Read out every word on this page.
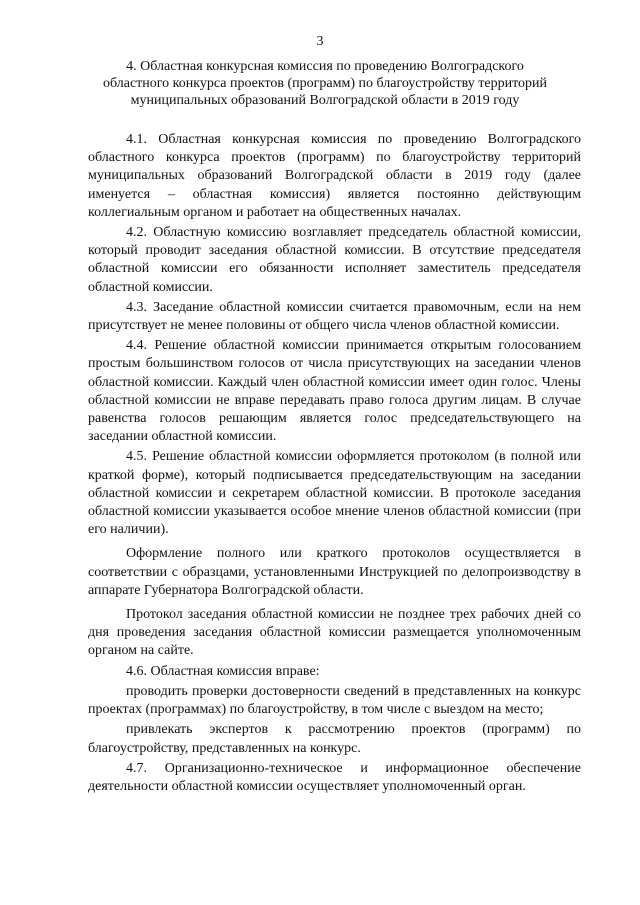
3
4. Областная конкурсная комиссия по проведению Волгоградского областного конкурса проектов (программ) по благоустройству территорий муниципальных образований Волгоградской области в 2019 году

4.1. Областная конкурсная комиссия по проведению Волгоградского областного конкурса проектов (программ) по благоустройству территорий муниципальных образований Волгоградской области в 2019 году (далее именуется – областная комиссия) является постоянно действующим коллегиальным органом и работает на общественных началах.

4.2. Областную комиссию возглавляет председатель областной комиссии, который проводит заседания областной комиссии. В отсутствие председателя областной комиссии его обязанности исполняет заместитель председателя областной комиссии.

4.3. Заседание областной комиссии считается правомочным, если на нем присутствует не менее половины от общего числа членов областной комиссии.

4.4. Решение областной комиссии принимается открытым голосованием простым большинством голосов от числа присутствующих на заседании членов областной комиссии. Каждый член областной комиссии имеет один голос. Члены областной комиссии не вправе передавать право голоса другим лицам. В случае равенства голосов решающим является голос председательствующего на заседании областной комиссии.

4.5. Решение областной комиссии оформляется протоколом (в полной или краткой форме), который подписывается председательствующим на заседании областной комиссии и секретарем областной комиссии. В протоколе заседания областной комиссии указывается особое мнение членов областной комиссии (при его наличии).

Оформление полного или краткого протоколов осуществляется в соответствии с образцами, установленными Инструкцией по делопроизводству в аппарате Губернатора Волгоградской области.

Протокол заседания областной комиссии не позднее трех рабочих дней со дня проведения заседания областной комиссии размещается уполномоченным органом на сайте.

4.6. Областная комиссия вправе:

проводить проверки достоверности сведений в представленных на конкурс проектах (программах) по благоустройству, в том числе с выездом на место;

привлекать экспертов к рассмотрению проектов (программ) по благоустройству, представленных на конкурс.

4.7. Организационно-техническое и информационное обеспечение деятельности областной комиссии осуществляет уполномоченный орган.
